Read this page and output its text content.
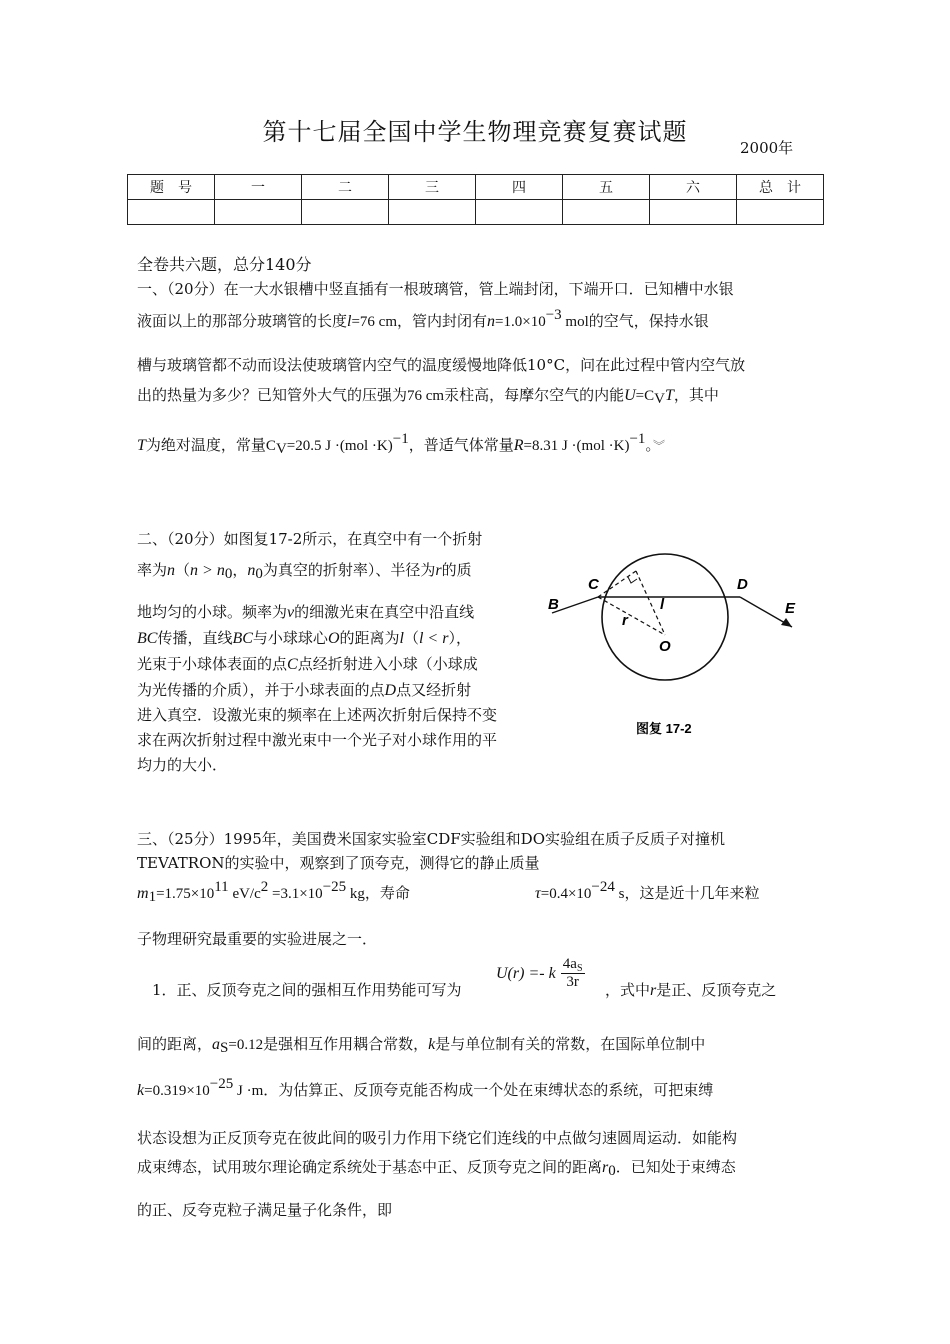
第十七届全国中学生物理竞赛复赛试题
2000年
题　号	一	二	三	四	五	六	总　计

全卷共六题，总分140分
一、（20分）在一大水银槽中竖直插有一根玻璃管，管上端封闭，下端开口．已知槽中水银
液面以上的那部分玻璃管的长度l=76 cm，管内封闭有$n=1.0\times 10^{-3}$ mol的空气，保持水银
槽与玻璃管都不动而设法使玻璃管内空气的温度缓慢地降低10°C，问在此过程中管内空气放
出的热量为多少？已知管外大气的压强为76 cm汞柱高，每摩尔空气的内能$U=C_VT$，其中
T为绝对温度，常量$C_V=20.5$ J ·(mol ·K)$^{-1}$，普适气体常量R=8.31 J ·(mol ·K)$^{-1}$。︾
二、（20分）如图复17-2所示，在真空中有一个折射
率为$n(n > n_0$，$n_0$为真空的折射率）、半径为r的质
地均匀的小球。频率为ν的细激光束在真空中沿直线
BC传播，直线BC与小球球心O的距离为l（l < r），
光束于小球体表面的点C点经折射进入小球（小球成
为光传播的介质），并于小球表面的点D点又经折射
进入真空．设激光束的频率在上述两次折射后保持不变
求在两次折射过程中激光束中一个光子对小球作用的平
均力的大小．
B
C	D
E
O
l
r
图复 17-2
三、（25分）1995年，美国费米国家实验室CDF实验组和DO实验组在质子反质子对撞机
TEVATRON的实验中，观察到了顶夸克，测得它的静止质量
$m_1=1.75\times 10^{11}$ $eV/c^2 =3.1\times 10^{-25}$ kg，寿命	$\tau=0.4\times 10^{-24}$ s，这是近十几年来粒
子物理研究最重要的实验进展之一．
1．正、反顶夸克之间的强相互作用势能可写为
U(r) =- k $\frac{4a_S}{3r}$ ，式中r是正、反顶夸克之
间的距离，$a_S=0.12$是强相互作用耦合常数，k是与单位制有关的常数，在国际单位制中
$k=0.319\times 10^{-25}$ J ·m．为估算正、反顶夸克能否构成一个处在束缚状态的系统，可把束缚
状态设想为正反顶夸克在彼此间的吸引力作用下绕它们连线的中点做匀速圆周运动．如能构
成束缚态，试用玻尔理论确定系统处于基态中正、反顶夸克之间的距离$r_0$．已知处于束缚态
的正、反夸克粒子满足量子化条件，即
